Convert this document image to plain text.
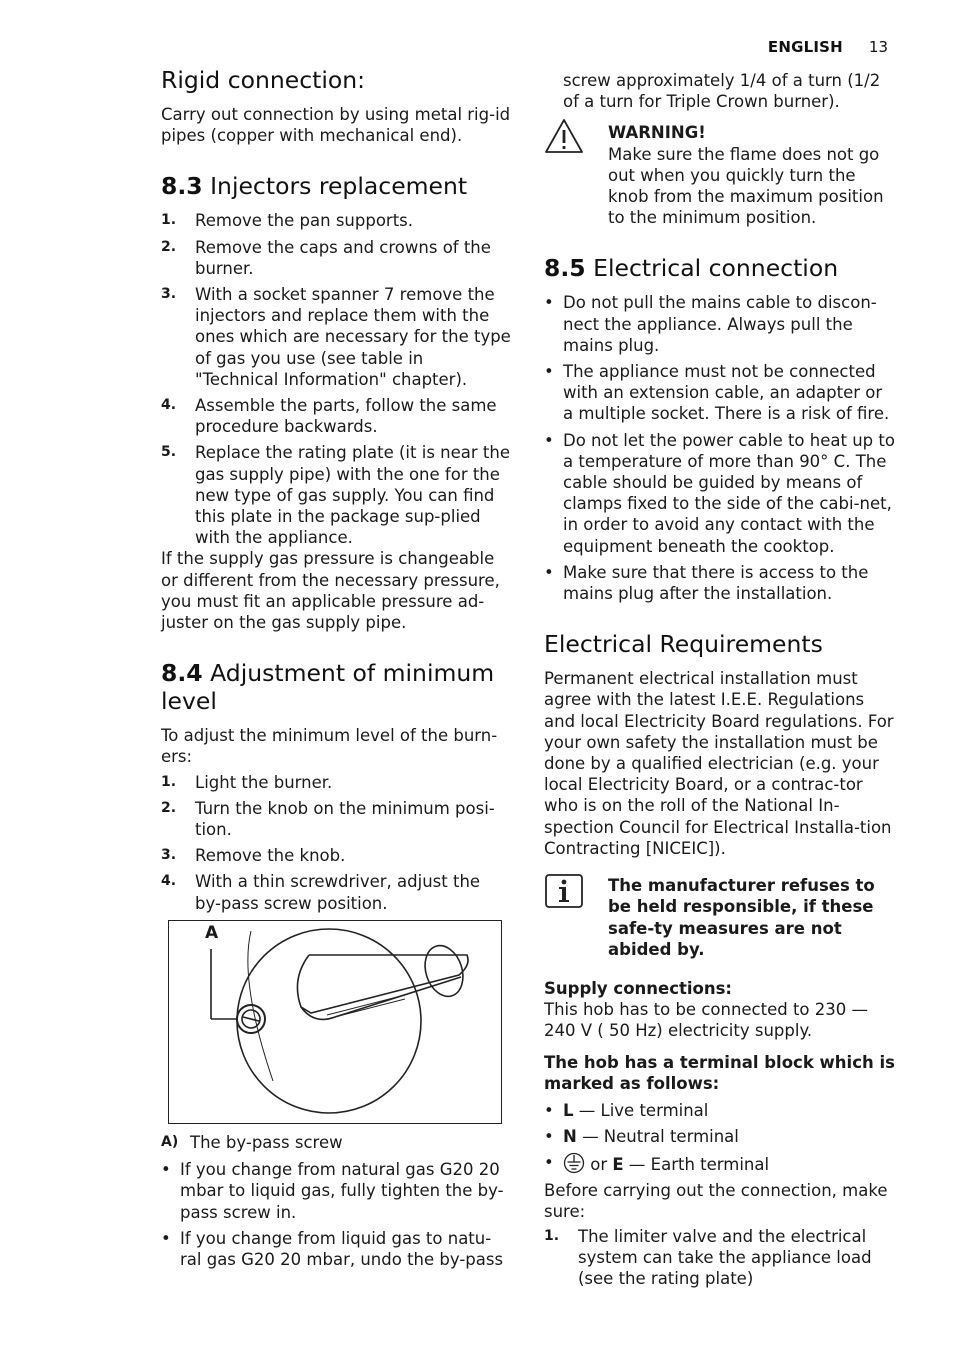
ENGLISH 13
Rigid connection:

Carry out connection by using metal rig-id pipes (copper with mechanical end).

8.3 Injectors replacement
1. Remove the pan supports.
2. Remove the caps and crowns of the burner.
3. With a socket spanner 7 remove the injectors and replace them with the ones which are necessary for the type of gas you use (see table in "Technical Information" chapter).
4. Assemble the parts, follow the same procedure backwards.
5. Replace the rating plate (it is near the gas supply pipe) with the one for the new type of gas supply. You can find this plate in the package sup-plied with the appliance.

If the supply gas pressure is changeable or different from the necessary pressure, you must fit an applicable pressure ad-juster on the gas supply pipe.

8.4 Adjustment of minimum level

To adjust the minimum level of the burn-ers:

1. Light the burner.
2. Turn the knob on the minimum posi-tion.
3. Remove the knob.
4. With a thin screwdriver, adjust the by-pass screw position.
A

A) The by-pass screw

• If you change from natural gas G20 20 mbar to liquid gas, fully tighten the by-pass screw in.
• If you change from liquid gas to natu-ral gas G20 20 mbar, undo the by-pass

screw approximately 1/4 of a turn (1/2 of a turn for Triple Crown burner).

WARNING!

Make sure the flame does not go out when you quickly turn the knob from the maximum position to the minimum position.

8.5 Electrical connection
• Do not pull the mains cable to discon-nect the appliance. Always pull the mains plug.
• The appliance must not be connected with an extension cable, an adapter or a multiple socket. There is a risk of fire.
• Do not let the power cable to heat up to a temperature of more than 90° C. The cable should be guided by means of clamps fixed to the side of the cabi-net, in order to avoid any contact with the equipment beneath the cooktop.
• Make sure that there is access to the mains plug after the installation.
Electrical Requirements

Permanent electrical installation must agree with the latest I.E.E. Regulations and local Electricity Board regulations. For your own safety the installation must be done by a qualified electrician (e.g. your local Electricity Board, or a contrac-tor who is on the roll of the National In-spection Council for Electrical Installa-tion Contracting [NICEIC]).

The manufacturer refuses to be held responsible, if these safe-ty measures are not abided by.

Supply connections:

This hob has to be connected to 230 — 240 V ( 50 Hz) electricity supply.

The hob has a terminal block which is marked as follows:

• L — Live terminal
• N — Neutral terminal
• or E — Earth terminal

Before carrying out the connection, make sure:

1. The limiter valve and the electrical system can take the appliance load (see the rating plate)
